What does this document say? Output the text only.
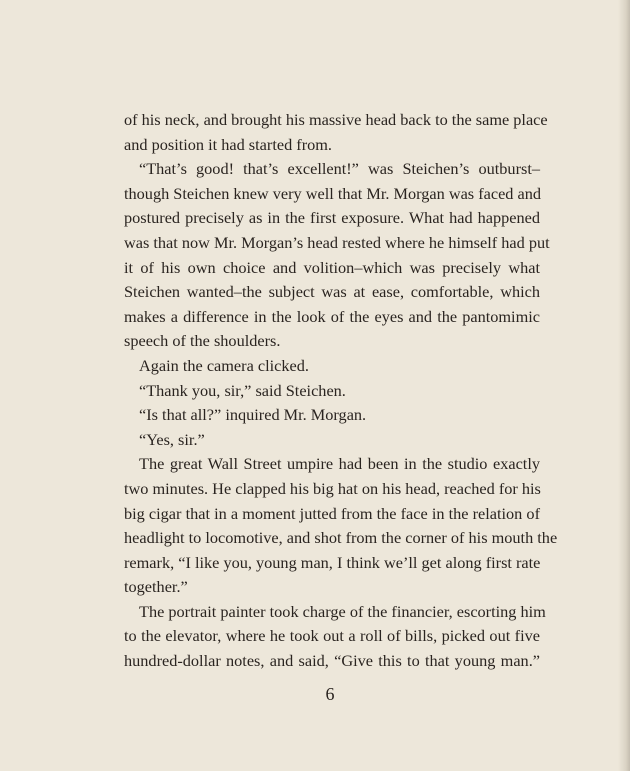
of his neck, and brought his massive head back to the same place
and position it had started from.
“That’s good! that’s excellent!” was Steichen’s outburst–
though Steichen knew very well that Mr. Morgan was faced and
postured precisely as in the first exposure. What had happened
was that now Mr. Morgan’s head rested where he himself had put
it of his own choice and volition–which was precisely what
Steichen wanted–the subject was at ease, comfortable, which
makes a difference in the look of the eyes and the pantomimic
speech of the shoulders.
Again the camera clicked.
“Thank you, sir,” said Steichen.
“Is that all?” inquired Mr. Morgan.
“Yes, sir.”
The great Wall Street umpire had been in the studio exactly
two minutes. He clapped his big hat on his head, reached for his
big cigar that in a moment jutted from the face in the relation of
headlight to locomotive, and shot from the corner of his mouth the
remark, “I like you, young man, I think we’ll get along first rate
together.”
The portrait painter took charge of the financier, escorting him
to the elevator, where he took out a roll of bills, picked out five
hundred-dollar notes, and said, “Give this to that young man.”
6
